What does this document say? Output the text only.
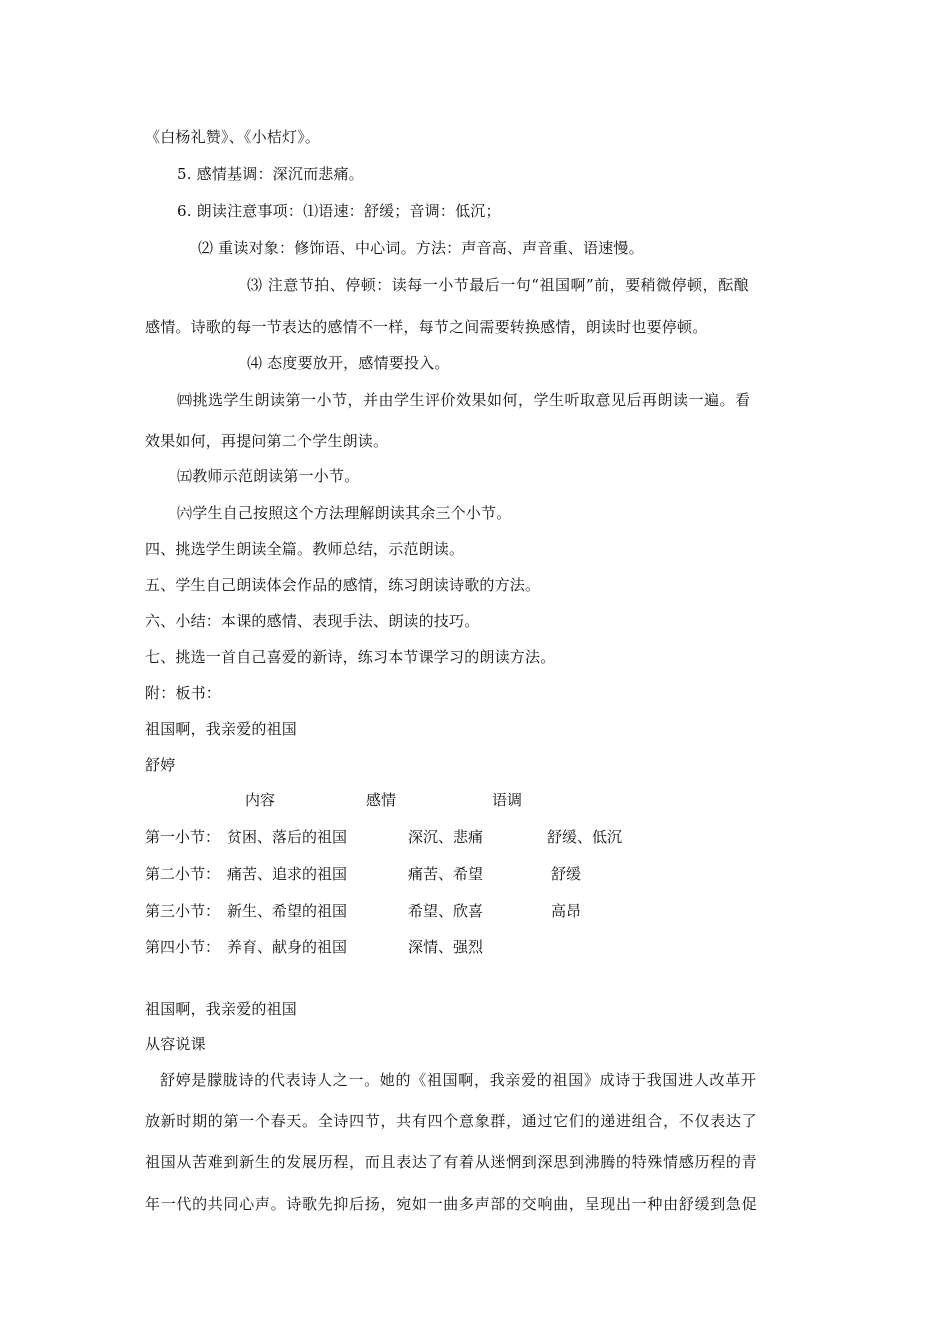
《白杨礼赞》、《小桔灯》。
5. 感情基调：深沉而悲痛。
6. 朗读注意事项：⑴语速：舒缓；音调：低沉；
⑵ 重读对象：修饰语、中心词。方法：声音高、声音重、语速慢。
⑶ 注意节拍、停顿：读每一小节最后一句“祖国啊”前，要稍微停顿，酝酿
感情。诗歌的每一节表达的感情不一样，每节之间需要转换感情，朗读时也要停顿。
⑷ 态度要放开，感情要投入。
㈣挑选学生朗读第一小节，并由学生评价效果如何，学生听取意见后再朗读一遍。看
效果如何，再提问第二个学生朗读。
㈤教师示范朗读第一小节。
㈥学生自己按照这个方法理解朗读其余三个小节。
四、挑选学生朗读全篇。教师总结，示范朗读。
五、学生自己朗读体会作品的感情，练习朗读诗歌的方法。
六、小结：本课的感情、表现手法、朗读的技巧。
七、挑选一首自己喜爱的新诗，练习本节课学习的朗读方法。
附：板书：
祖国啊，我亲爱的祖国
舒婷
内容	感情	语调
第一小节： 贫困、落后的祖国	深沉、悲痛	舒缓、低沉
第二小节： 痛苦、追求的祖国	痛苦、希望	舒缓
第三小节： 新生、希望的祖国	希望、欣喜	高昂
第四小节： 养育、献身的祖国	深情、强烈
祖国啊，我亲爱的祖国
从容说课
舒婷是朦胧诗的代表诗人之一。她的《祖国啊，我亲爱的祖国》成诗于我国进人改革开
放新时期的第一个春天。全诗四节，共有四个意象群，通过它们的递进组合，不仅表达了
祖国从苦难到新生的发展历程，而且表达了有着从迷惘到深思到沸腾的特殊情感历程的青
年一代的共同心声。诗歌先抑后扬，宛如一曲多声部的交响曲，呈现出一种由舒缓到急促
